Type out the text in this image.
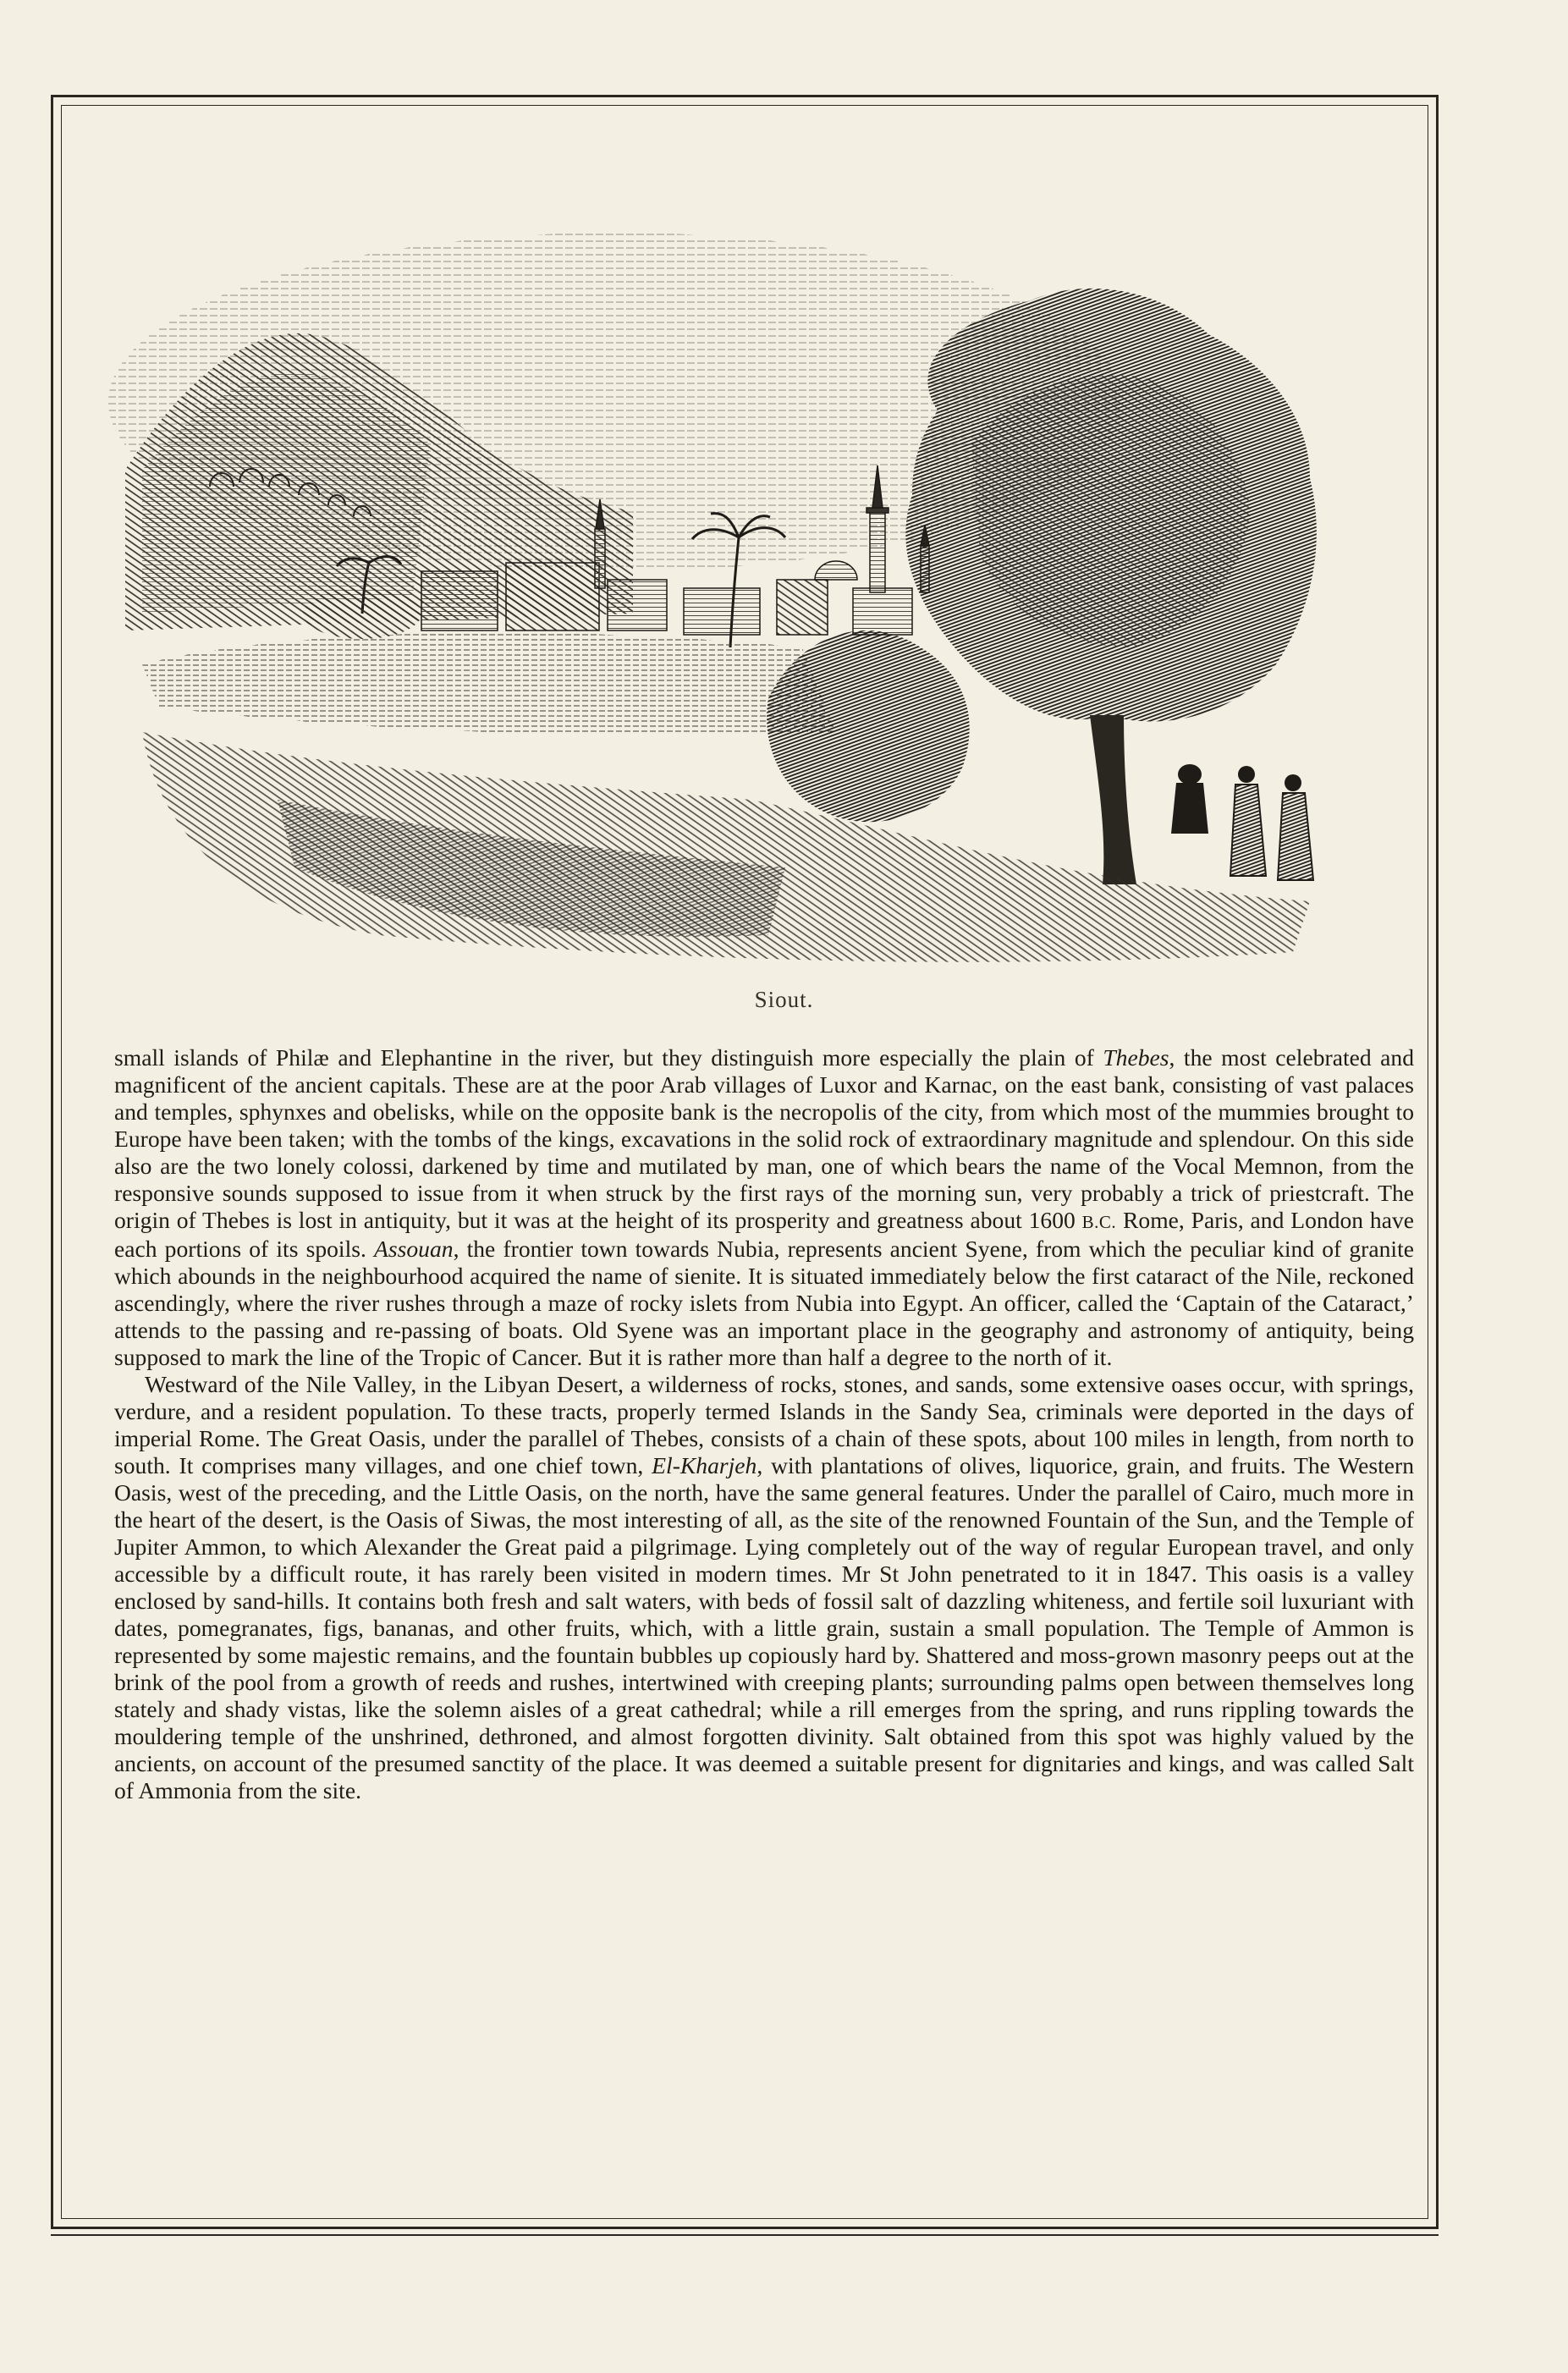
Siout.

small islands of Philæ and Elephantine in the river, but they distinguish more especially the plain of Thebes, the most celebrated and magnificent of the ancient capitals. These are at the poor Arab villages of Luxor and Karnac, on the east bank, consisting of vast palaces and temples, sphynxes and obelisks, while on the opposite bank is the necropolis of the city, from which most of the mummies brought to Europe have been taken; with the tombs of the kings, excavations in the solid rock of extraordinary magnitude and splendour. On this side also are the two lonely colossi, darkened by time and mutilated by man, one of which bears the name of the Vocal Memnon, from the responsive sounds supposed to issue from it when struck by the first rays of the morning sun, very probably a trick of priestcraft. The origin of Thebes is lost in antiquity, but it was at the height of its prosperity and greatness about 1600 B.C. Rome, Paris, and London have each portions of its spoils. Assouan, the frontier town towards Nubia, represents ancient Syene, from which the peculiar kind of granite which abounds in the neighbourhood acquired the name of sienite. It is situated immediately below the first cataract of the Nile, reckoned ascendingly, where the river rushes through a maze of rocky islets from Nubia into Egypt. An officer, called the ‘Captain of the Cataract,’ attends to the passing and re-passing of boats. Old Syene was an important place in the geography and astronomy of antiquity, being supposed to mark the line of the Tropic of Cancer. But it is rather more than half a degree to the north of it.

Westward of the Nile Valley, in the Libyan Desert, a wilderness of rocks, stones, and sands, some extensive oases occur, with springs, verdure, and a resident population. To these tracts, properly termed Islands in the Sandy Sea, criminals were deported in the days of imperial Rome. The Great Oasis, under the parallel of Thebes, consists of a chain of these spots, about 100 miles in length, from north to south. It comprises many villages, and one chief town, El-Kharjeh, with plantations of olives, liquorice, grain, and fruits. The Western Oasis, west of the preceding, and the Little Oasis, on the north, have the same general features. Under the parallel of Cairo, much more in the heart of the desert, is the Oasis of Siwas, the most interesting of all, as the site of the renowned Fountain of the Sun, and the Temple of Jupiter Ammon, to which Alexander the Great paid a pilgrimage. Lying completely out of the way of regular European travel, and only accessible by a difficult route, it has rarely been visited in modern times. Mr St John penetrated to it in 1847. This oasis is a valley enclosed by sand-hills. It contains both fresh and salt waters, with beds of fossil salt of dazzling whiteness, and fertile soil luxuriant with dates, pomegranates, figs, bananas, and other fruits, which, with a little grain, sustain a small population. The Temple of Ammon is represented by some majestic remains, and the fountain bubbles up copiously hard by. Shattered and moss-grown masonry peeps out at the brink of the pool from a growth of reeds and rushes, intertwined with creeping plants; surrounding palms open between themselves long stately and shady vistas, like the solemn aisles of a great cathedral; while a rill emerges from the spring, and runs rippling towards the mouldering temple of the unshrined, dethroned, and almost forgotten divinity. Salt obtained from this spot was highly valued by the ancients, on account of the presumed sanctity of the place. It was deemed a suitable present for dignitaries and kings, and was called Salt of Ammonia from the site.
